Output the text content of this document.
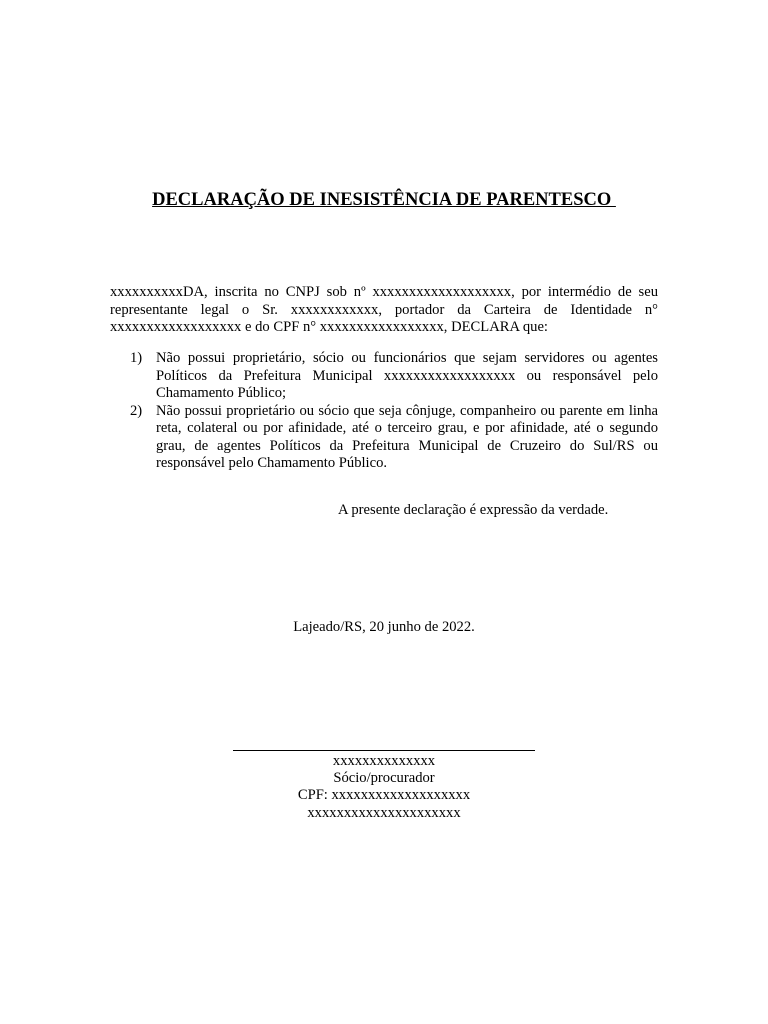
DECLARAÇÃO DE INESISTÊNCIA DE PARENTESCO

xxxxxxxxxxDA, inscrita no CNPJ sob nº xxxxxxxxxxxxxxxxxxx, por intermédio de seu representante legal o Sr. xxxxxxxxxxxx, portador da Carteira de Identidade n° xxxxxxxxxxxxxxxxxx e do CPF n° xxxxxxxxxxxxxxxxx, DECLARA que:

1) Não possui proprietário, sócio ou funcionários que sejam servidores ou agentes Políticos da Prefeitura Municipal xxxxxxxxxxxxxxxxxx ou responsável pelo Chamamento Público;
2) Não possui proprietário ou sócio que seja cônjuge, companheiro ou parente em linha reta, colateral ou por afinidade, até o terceiro grau, e por afinidade, até o segundo grau, de agentes Políticos da Prefeitura Municipal de Cruzeiro do Sul/RS ou responsável pelo Chamamento Público.

A presente declaração é expressão da verdade.

Lajeado/RS, 20 junho de 2022.

xxxxxxxxxxxxxx
Sócio/procurador
CPF: xxxxxxxxxxxxxxxxxxx
xxxxxxxxxxxxxxxxxxxxx
